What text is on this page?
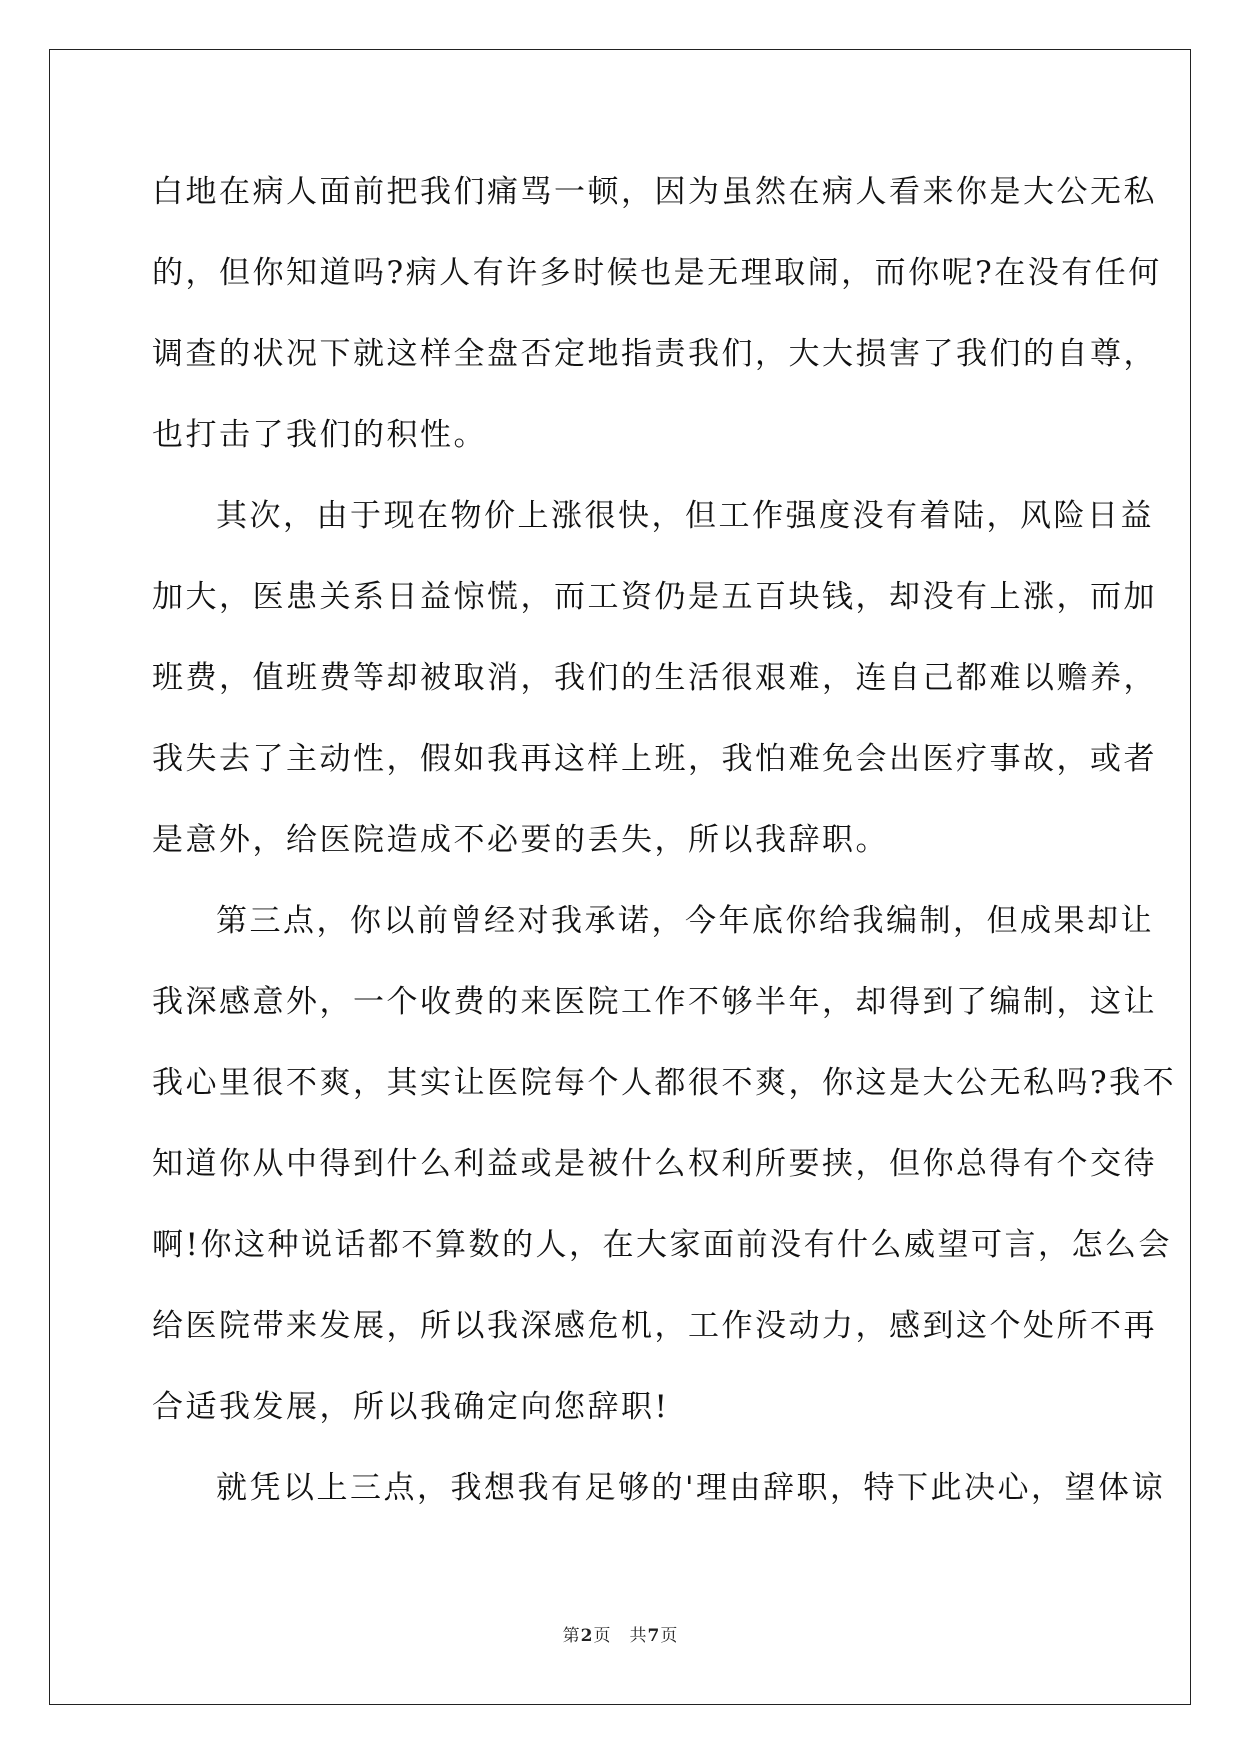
白地在病人面前把我们痛骂一顿，因为虽然在病人看来你是大公无私
的，但你知道吗?病人有许多时候也是无理取闹，而你呢?在没有任何
调查的状况下就这样全盘否定地指责我们，大大损害了我们的自尊，
也打击了我们的积性。
其次，由于现在物价上涨很快，但工作强度没有着陆，风险日益
加大，医患关系日益惊慌，而工资仍是五百块钱，却没有上涨，而加
班费，值班费等却被取消，我们的生活很艰难，连自己都难以赡养，
我失去了主动性，假如我再这样上班，我怕难免会出医疗事故，或者
是意外，给医院造成不必要的丢失，所以我辞职。
第三点，你以前曾经对我承诺，今年底你给我编制，但成果却让
我深感意外，一个收费的来医院工作不够半年，却得到了编制，这让
我心里很不爽，其实让医院每个人都很不爽，你这是大公无私吗?我不
知道你从中得到什么利益或是被什么权利所要挟，但你总得有个交待
啊!你这种说话都不算数的人，在大家面前没有什么威望可言，怎么会
给医院带来发展，所以我深感危机，工作没动力，感到这个处所不再
合适我发展，所以我确定向您辞职!
就凭以上三点，我想我有足够的'理由辞职，特下此决心，望体谅
第2页 共7页
